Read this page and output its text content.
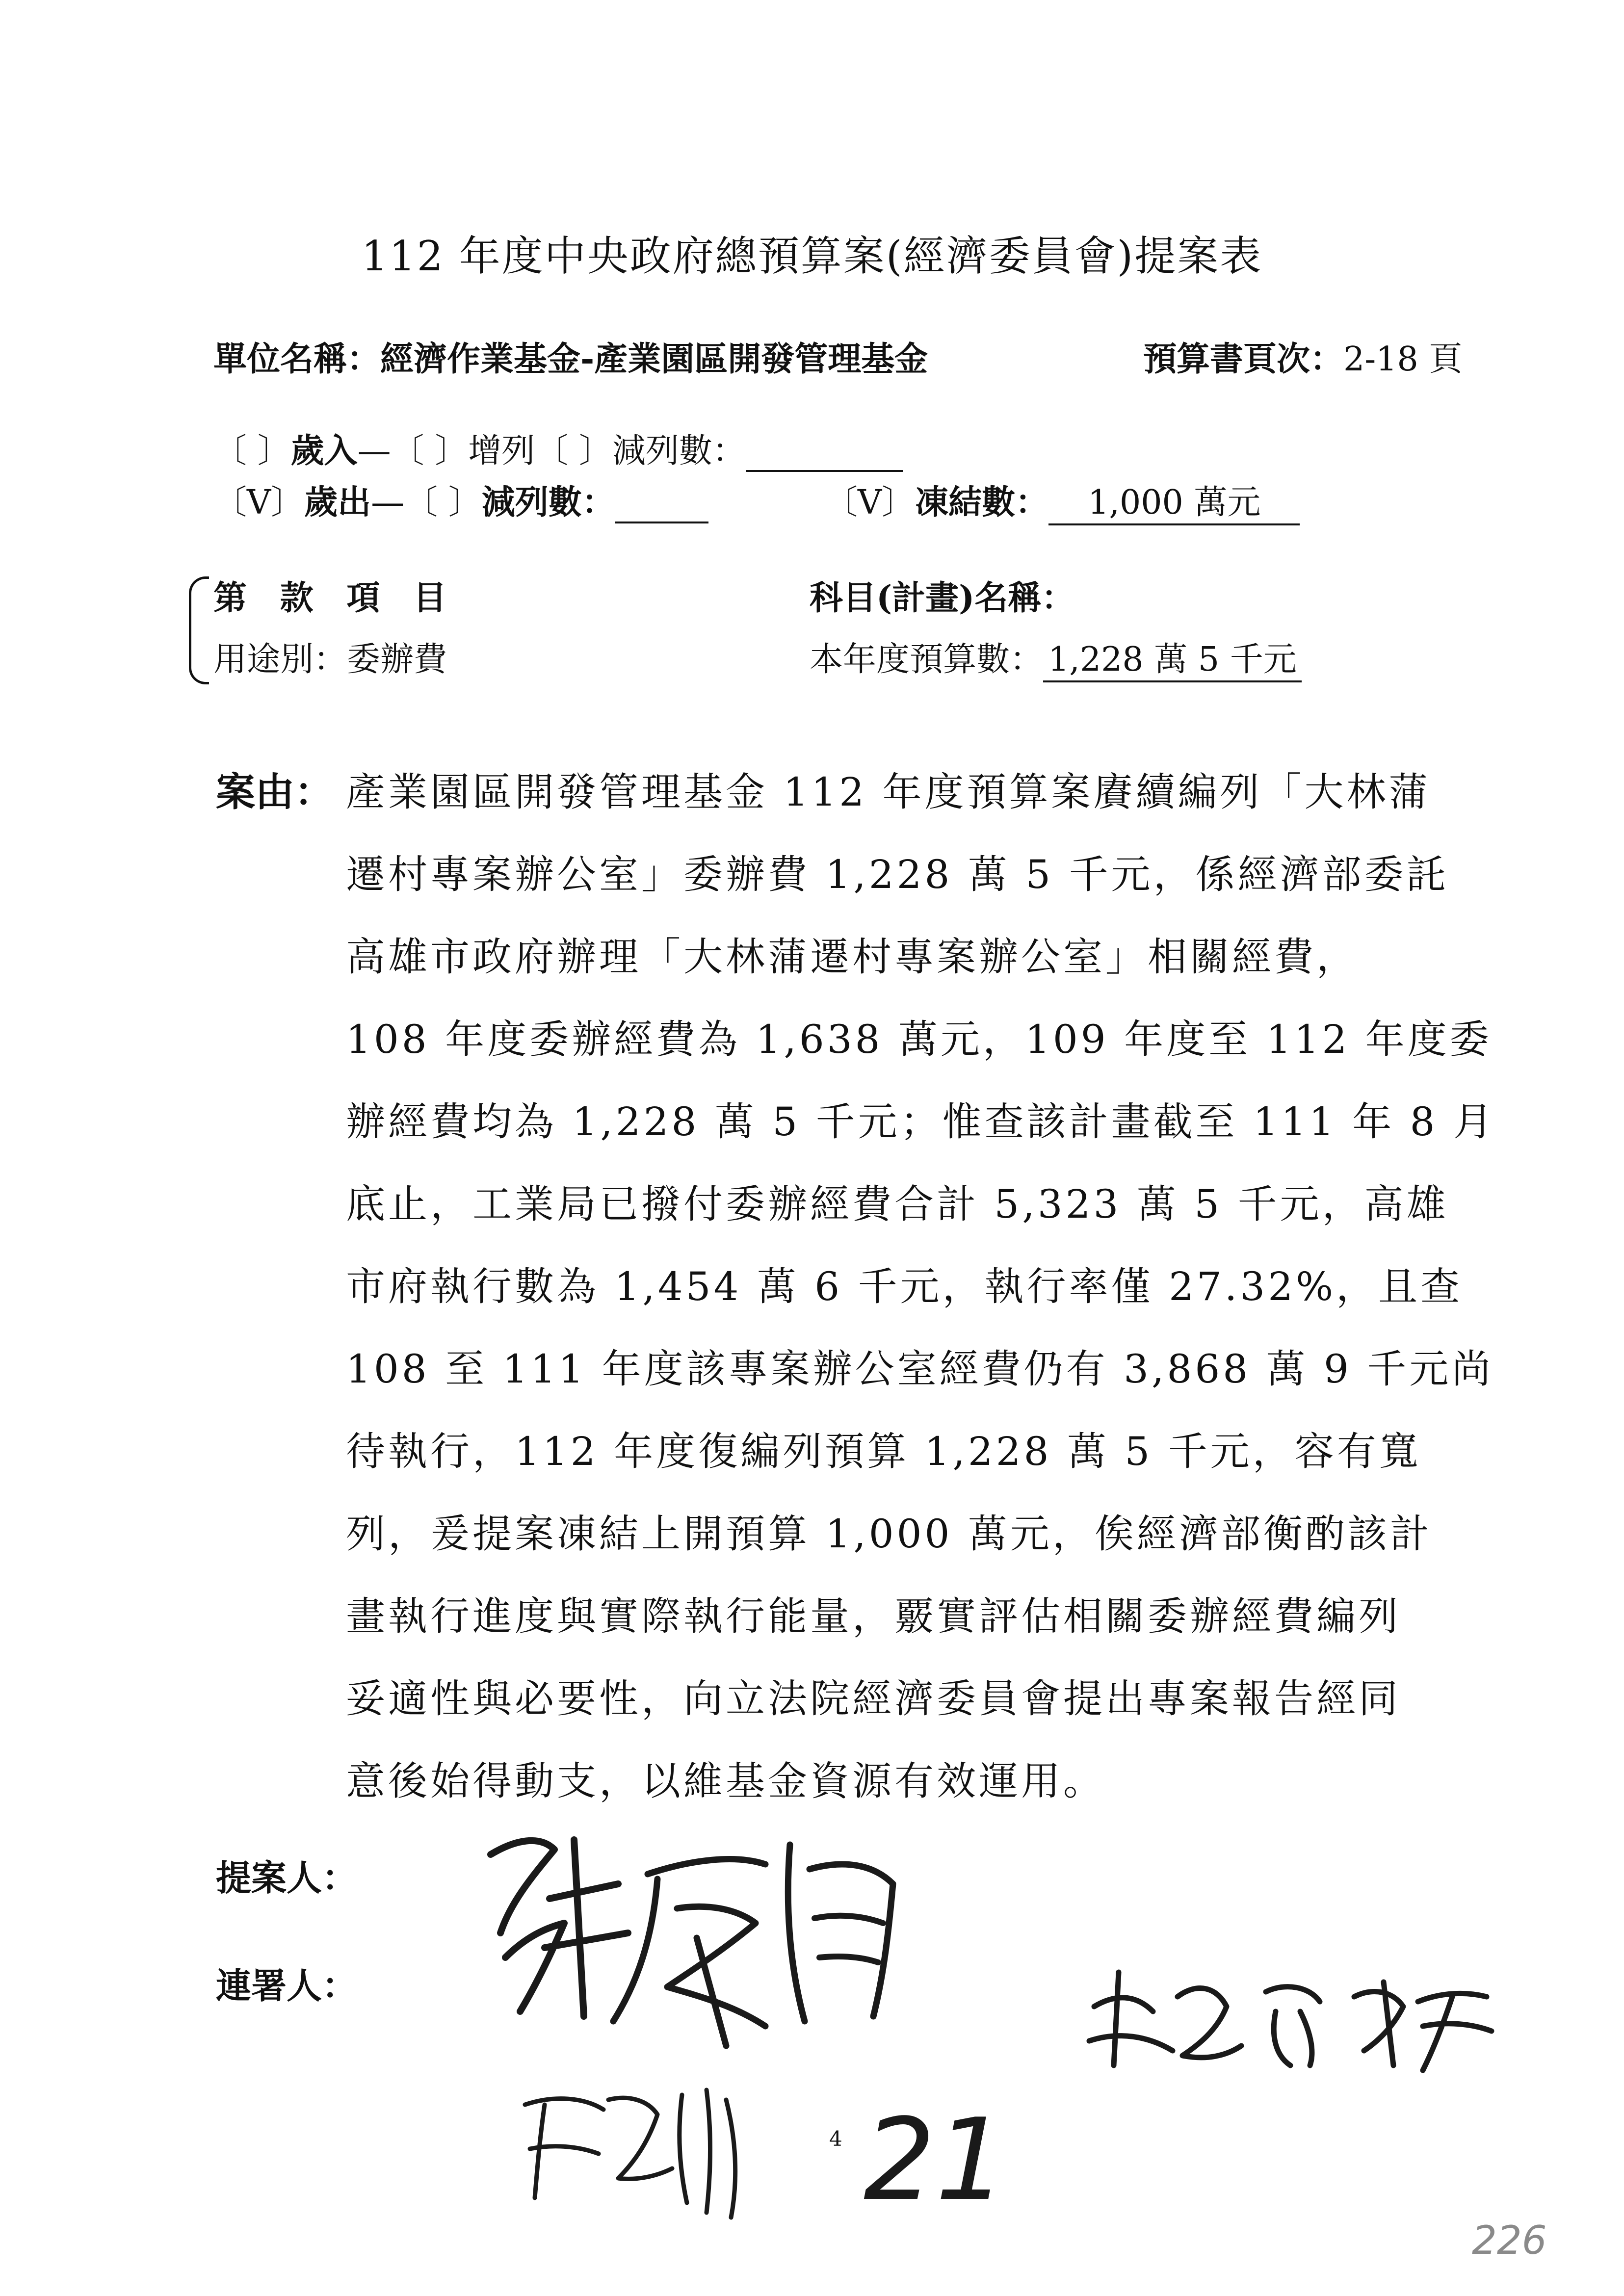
112 年度中央政府總預算案(經濟委員會)提案表
單位名稱：經濟作業基金-產業園區開發管理基金	預算書頁次：2-18 頁
〔 〕歲入—〔 〕增列〔 〕減列數：
〔V〕歲出—〔 〕減列數：	〔V〕凍結數： 1,000 萬元
第 款 項 目
用途別：委辦費
科目(計畫)名稱：
本年度預算數： 1,228 萬 5 千元
案由： 產業園區開發管理基金 112 年度預算案賡續編列「大林蒲
遷村專案辦公室」委辦費 1,228 萬 5 千元，係經濟部委託
高雄市政府辦理「大林蒲遷村專案辦公室」相關經費，
108 年度委辦經費為 1,638 萬元，109 年度至 112 年度委
辦經費均為 1,228 萬 5 千元；惟查該計畫截至 111 年 8 月
底止，工業局已撥付委辦經費合計 5,323 萬 5 千元，高雄
市府執行數為 1,454 萬 6 千元，執行率僅 27.32%，且查
108 至 111 年度該專案辦公室經費仍有 3,868 萬 9 千元尚
待執行，112 年度復編列預算 1,228 萬 5 千元，容有寬
列，爰提案凍結上開預算 1,000 萬元，俟經濟部衡酌該計
畫執行進度與實際執行能量，覈實評估相關委辦經費編列
妥適性與必要性，向立法院經濟委員會提出專案報告經同
意後始得動支，以維基金資源有效運用。
提案人：
連署人：
4 21
226
